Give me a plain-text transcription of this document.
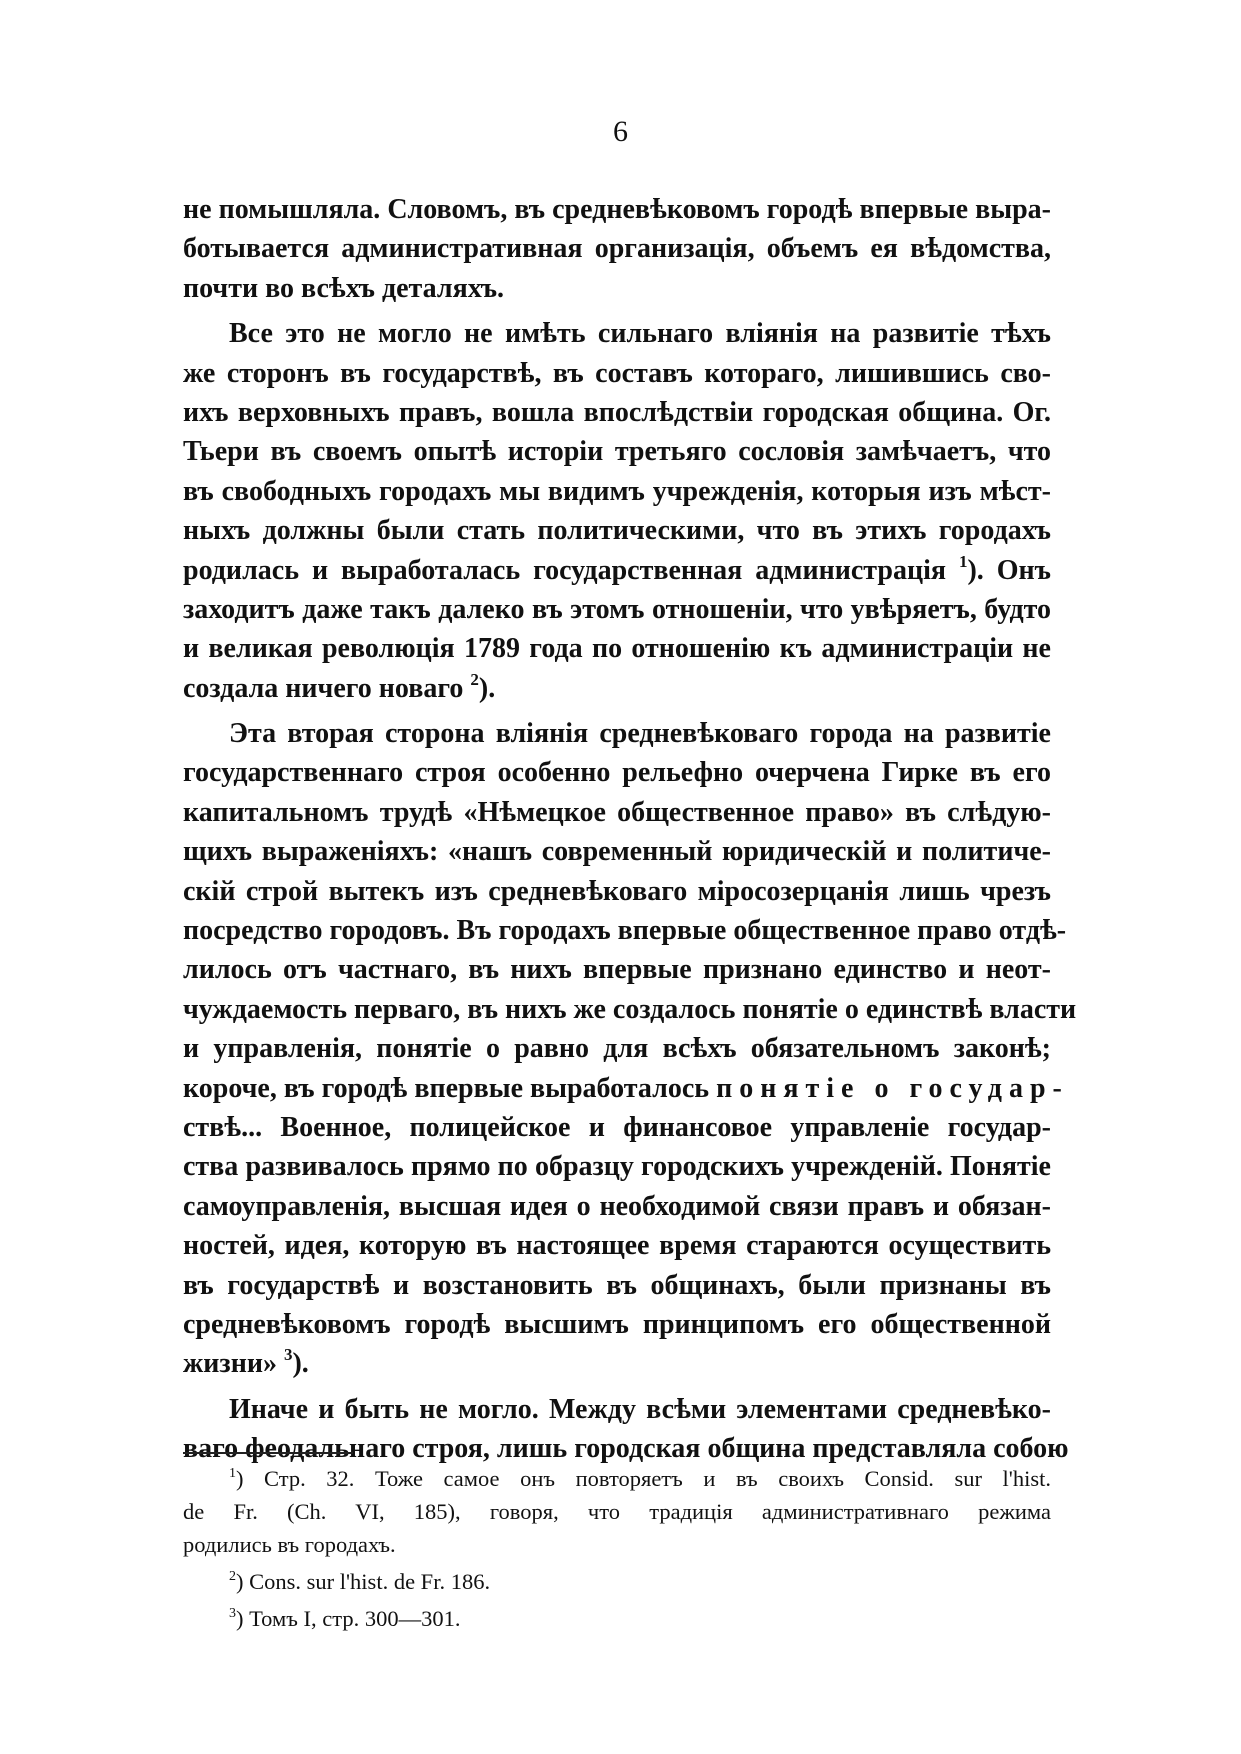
6
не помышляла. Словомъ, въ средневѣковомъ городѣ впервые выра-
ботывается административная организація, объемъ ея вѣдомства,
почти во всѣхъ деталяхъ.
Все это не могло не имѣть сильнаго вліянія на развитіе тѣхъ
же сторонъ въ государствѣ, въ составъ котораго, лишившись сво-
ихъ верховныхъ правъ, вошла впослѣдствіи городская община. Ог.
Тьери въ своемъ опытѣ исторіи третьяго сословія замѣчаетъ, что
въ свободныхъ городахъ мы видимъ учрежденія, которыя изъ мѣст-
ныхъ должны были стать политическими, что въ этихъ городахъ
родилась и выработалась государственная администрація $^1$). Онъ
заходитъ даже такъ далеко въ этомъ отношеніи, что увѣряетъ, будто
и великая революція 1789 года по отношенію къ администраціи не
создала ничего новаго $^2$).
Эта вторая сторона вліянія средневѣковаго города на развитіе
государственнаго строя особенно рельефно очерчена Гирке въ его
капитальномъ трудѣ «Нѣмецкое общественное право» въ слѣдую-
щихъ выраженіяхъ: «нашъ современный юридическій и политиче-
скій строй вытекъ изъ средневѣковаго міросозерцанія лишь чрезъ
посредство городовъ. Въ городахъ впервые общественное право отдѣ-
лилось отъ частнаго, въ нихъ впервые признано единство и неот-
чуждаемость перваго, въ нихъ же создалось понятіе о единствѣ власти
и управленія, понятіе о равно для всѣхъ обязательномъ законѣ;
короче, въ городѣ впервые выработалось понятіе о государ-
ствѣ... Военное, полицейское и финансовое управленіе государ-
ства развивалось прямо по образцу городскихъ учрежденій. Понятіе
самоуправленія, высшая идея о необходимой связи правъ и обязан-
ностей, идея, которую въ настоящее время стараются осуществить
въ государствѣ и возстановить въ общинахъ, были признаны въ
средневѣковомъ городѣ высшимъ принципомъ его общественной
жизни» $^3$).
Иначе и быть не могло. Между всѣми элементами средневѣко-
ваго феодальнаго строя, лишь городская община представляла собою
$^1$) Стр. 32. Тоже самое онъ повторяетъ и въ своихъ Consid. sur l'hist.
de Fr. (Ch. VI, 185), говоря, что традиція административнаго режима
родились въ городахъ.
$^2$) Cons. sur l'hist. de Fr. 186.
$^3$) Томъ I, стр. 300—301.
